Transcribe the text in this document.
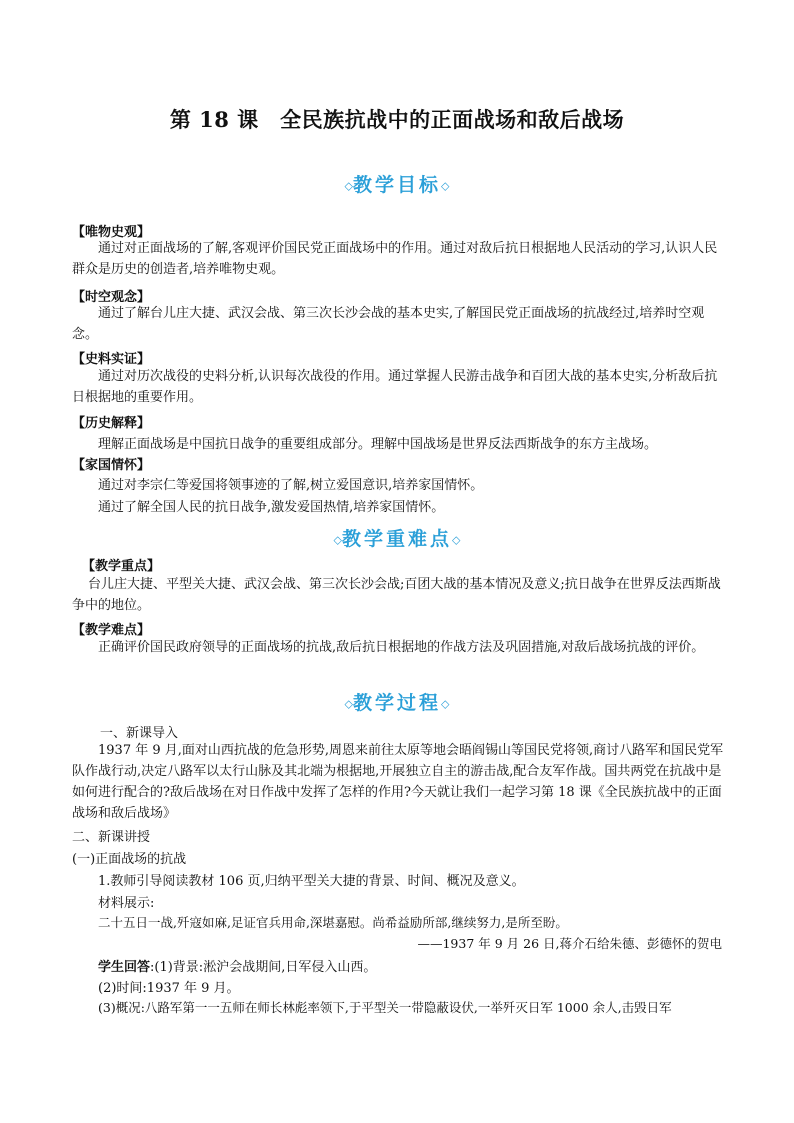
第 18 课　全民族抗战中的正面战场和敌后战场
◇教学目标◇
【唯物史观】
通过对正面战场的了解,客观评价国民党正面战场中的作用。通过对敌后抗日根据地人民活动的学习,认识人民群众是历史的创造者,培养唯物史观。
【时空观念】
通过了解台儿庄大捷、武汉会战、第三次长沙会战的基本史实,了解国民党正面战场的抗战经过,培养时空观念。
【史料实证】
通过对历次战役的史料分析,认识每次战役的作用。通过掌握人民游击战争和百团大战的基本史实,分析敌后抗日根据地的重要作用。
【历史解释】
理解正面战场是中国抗日战争的重要组成部分。理解中国战场是世界反法西斯战争的东方主战场。
【家国情怀】
通过对李宗仁等爱国将领事迹的了解,树立爱国意识,培养家国情怀。
通过了解全国人民的抗日战争,激发爱国热情,培养家国情怀。
◇教学重难点◇
【教学重点】
台儿庄大捷、平型关大捷、武汉会战、第三次长沙会战;百团大战的基本情况及意义;抗日战争在世界反法西斯战争中的地位。
【教学难点】
正确评价国民政府领导的正面战场的抗战,敌后抗日根据地的作战方法及巩固措施,对敌后战场抗战的评价。
◇教学过程◇
一、新课导入
1937 年 9 月,面对山西抗战的危急形势,周恩来前往太原等地会晤阎锡山等国民党将领,商讨八路军和国民党军队作战行动,决定八路军以太行山脉及其北端为根据地,开展独立自主的游击战,配合友军作战。国共两党在抗战中是如何进行配合的?敌后战场在对日作战中发挥了怎样的作用?今天就让我们一起学习第 18 课《全民族抗战中的正面战场和敌后战场》
二、新课讲授
(一)正面战场的抗战
1.教师引导阅读教材 106 页,归纳平型关大捷的背景、时间、概况及意义。
材料展示:
二十五日一战,歼寇如麻,足证官兵用命,深堪嘉慰。尚希益励所部,继续努力,是所至盼。
——1937 年 9 月 26 日,蒋介石给朱德、彭德怀的贺电
学生回答:(1)背景:淞沪会战期间,日军侵入山西。
(2)时间:1937 年 9 月。
(3)概况:八路军第一一五师在师长林彪率领下,于平型关一带隐蔽设伏,一举歼灭日军 1000 余人,击毁日军
